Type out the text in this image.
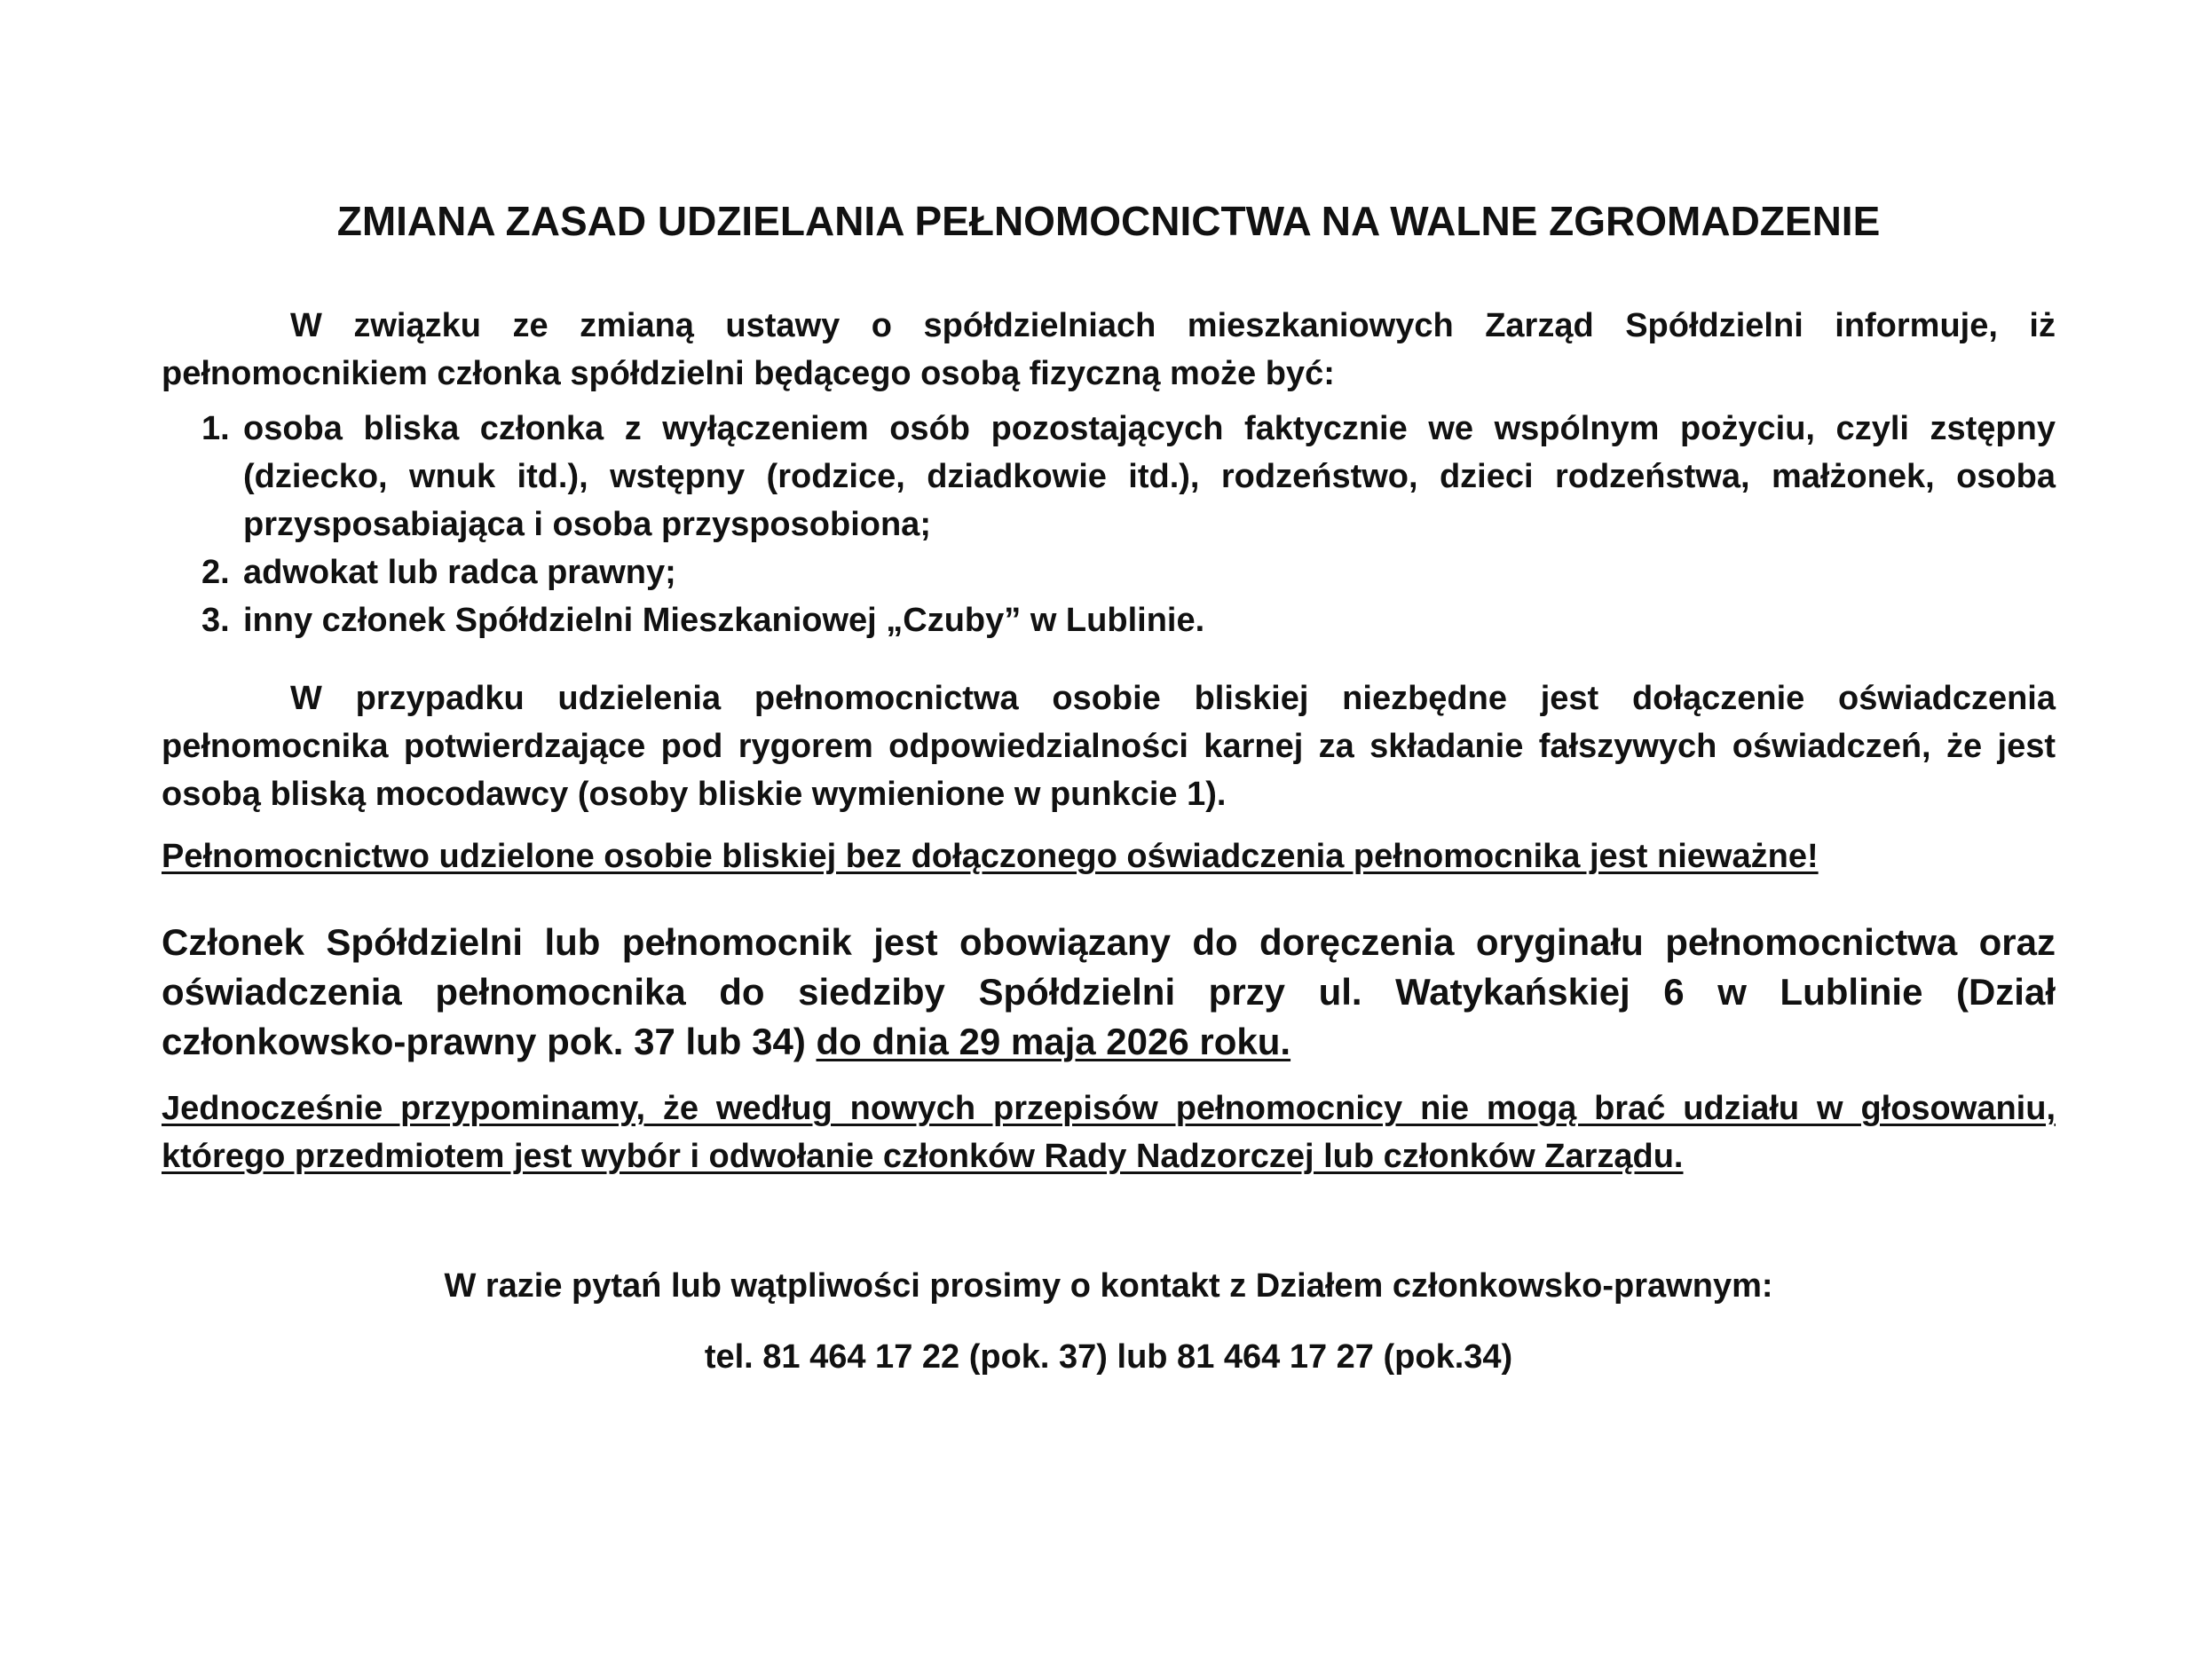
ZMIANA ZASAD UDZIELANIA PEŁNOMOCNICTWA NA WALNE ZGROMADZENIE
W związku ze zmianą ustawy o spółdzielniach mieszkaniowych Zarząd Spółdzielni informuje, iż pełnomocnikiem członka spółdzielni będącego osobą fizyczną może być:
1. osoba bliska członka z wyłączeniem osób pozostających faktycznie we wspólnym pożyciu, czyli zstępny (dziecko, wnuk itd.), wstępny (rodzice, dziadkowie itd.), rodzeństwo, dzieci rodzeństwa, małżonek, osoba przysposabiająca i osoba przysposobiona;
2. adwokat lub radca prawny;
3. inny członek Spółdzielni Mieszkaniowej „Czuby” w Lublinie.
W przypadku udzielenia pełnomocnictwa osobie bliskiej niezbędne jest dołączenie oświadczenia pełnomocnika potwierdzające pod rygorem odpowiedzialności karnej za składanie fałszywych oświadczeń, że jest osobą bliską mocodawcy (osoby bliskie wymienione w punkcie 1).
Pełnomocnictwo udzielone osobie bliskiej bez dołączonego oświadczenia pełnomocnika jest nieważne!
Członek Spółdzielni lub pełnomocnik jest obowiązany do doręczenia oryginału pełnomocnictwa oraz oświadczenia pełnomocnika do siedziby Spółdzielni przy ul. Watykańskiej 6 w Lublinie (Dział członkowsko-prawny pok. 37 lub 34) do dnia 29 maja 2026 roku.
Jednocześnie przypominamy, że według nowych przepisów pełnomocnicy nie mogą brać udziału w głosowaniu, którego przedmiotem jest wybór i odwołanie członków Rady Nadzorczej lub członków Zarządu.
W razie pytań lub wątpliwości prosimy o kontakt z Działem członkowsko-prawnym:
tel. 81 464 17 22 (pok. 37) lub 81 464 17 27 (pok.34)
